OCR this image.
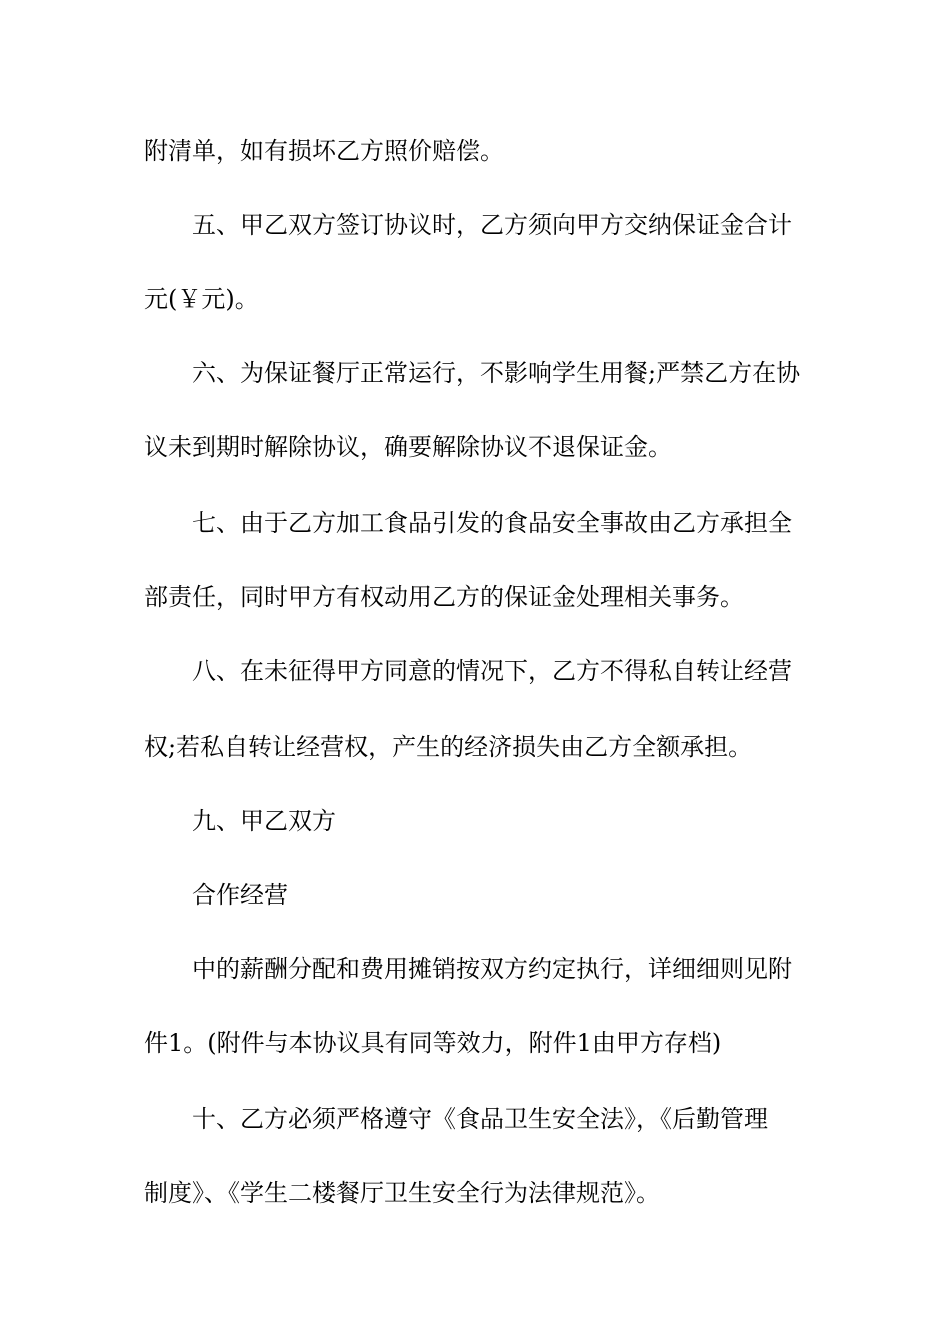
附清单，如有损坏乙方照价赔偿。
五、甲乙双方签订协议时，乙方须向甲方交纳保证金合计
元(￥元)。
六、为保证餐厅正常运行，不影响学生用餐;严禁乙方在协
议未到期时解除协议，确要解除协议不退保证金。
七、由于乙方加工食品引发的食品安全事故由乙方承担全
部责任，同时甲方有权动用乙方的保证金处理相关事务。
八、在未征得甲方同意的情况下，乙方不得私自转让经营
权;若私自转让经营权，产生的经济损失由乙方全额承担。
九、甲乙双方
合作经营
中的薪酬分配和费用摊销按双方约定执行，详细细则见附
件1。(附件与本协议具有同等效力，附件1由甲方存档)
十、乙方必须严格遵守《食品卫生安全法》，《后勤管理
制度》、《学生二楼餐厅卫生安全行为法律规范》。
